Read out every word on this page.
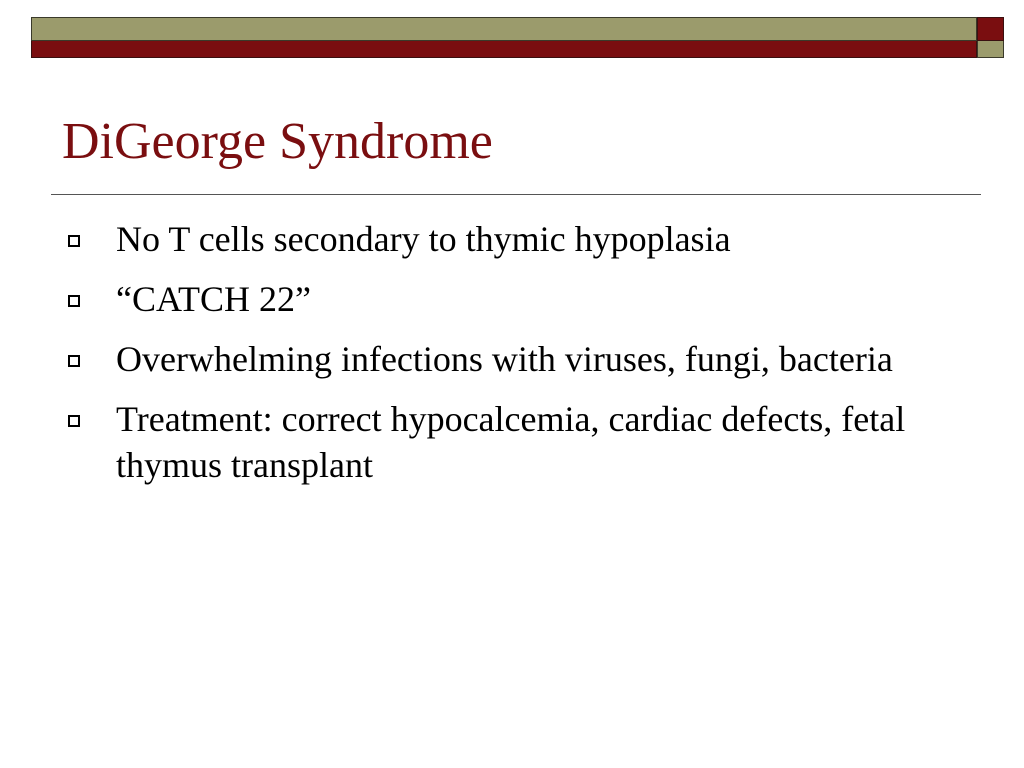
DiGeorge Syndrome
No T cells secondary to thymic hypoplasia
“CATCH 22”
Overwhelming infections with viruses, fungi, bacteria
Treatment: correct hypocalcemia, cardiac defects, fetal thymus transplant
